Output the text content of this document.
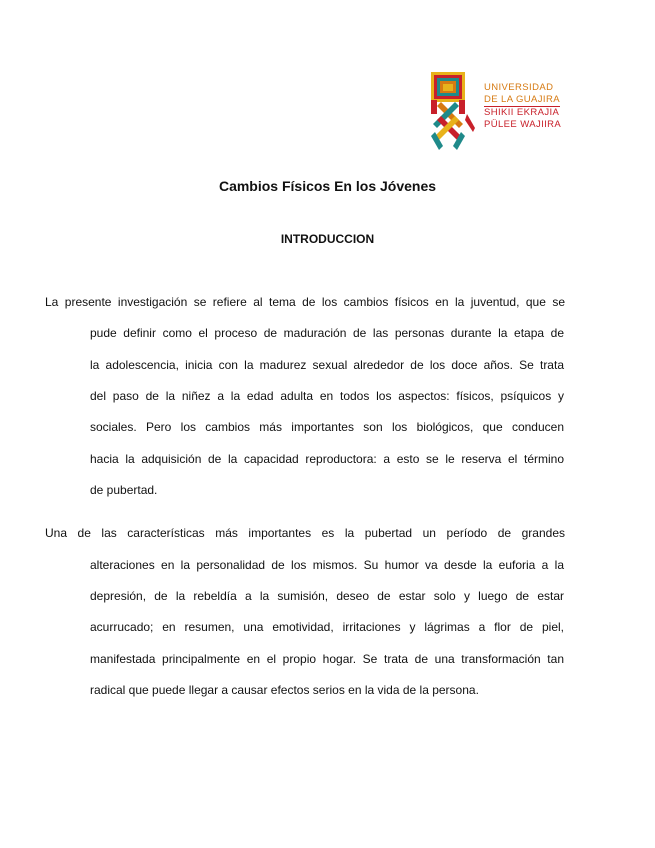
UNIVERSIDAD
DE LA GUAJIRA
SHIKII EKRAJIA
PÜLEE WAJIIRA
Cambios Físicos En los Jóvenes
INTRODUCCION
La presente investigación se refiere al tema de los cambios físicos en la juventud, que se
pude definir como el proceso de maduración de las personas durante la etapa de
la adolescencia, inicia con la madurez sexual alrededor de los doce años. Se trata
del paso de la niñez a la edad adulta en todos los aspectos: físicos, psíquicos y
sociales. Pero los cambios más importantes son los biológicos, que conducen
hacia la adquisición de la capacidad reproductora: a esto se le reserva el término
de pubertad.
Una de las características más importantes es la pubertad un período de grandes
alteraciones en la personalidad de los mismos. Su humor va desde la euforia a la
depresión, de la rebeldía a la sumisión, deseo de estar solo y luego de estar
acurrucado; en resumen, una emotividad, irritaciones y lágrimas a flor de piel,
manifestada principalmente en el propio hogar. Se trata de una transformación tan
radical que puede llegar a causar efectos serios en la vida de la persona.
